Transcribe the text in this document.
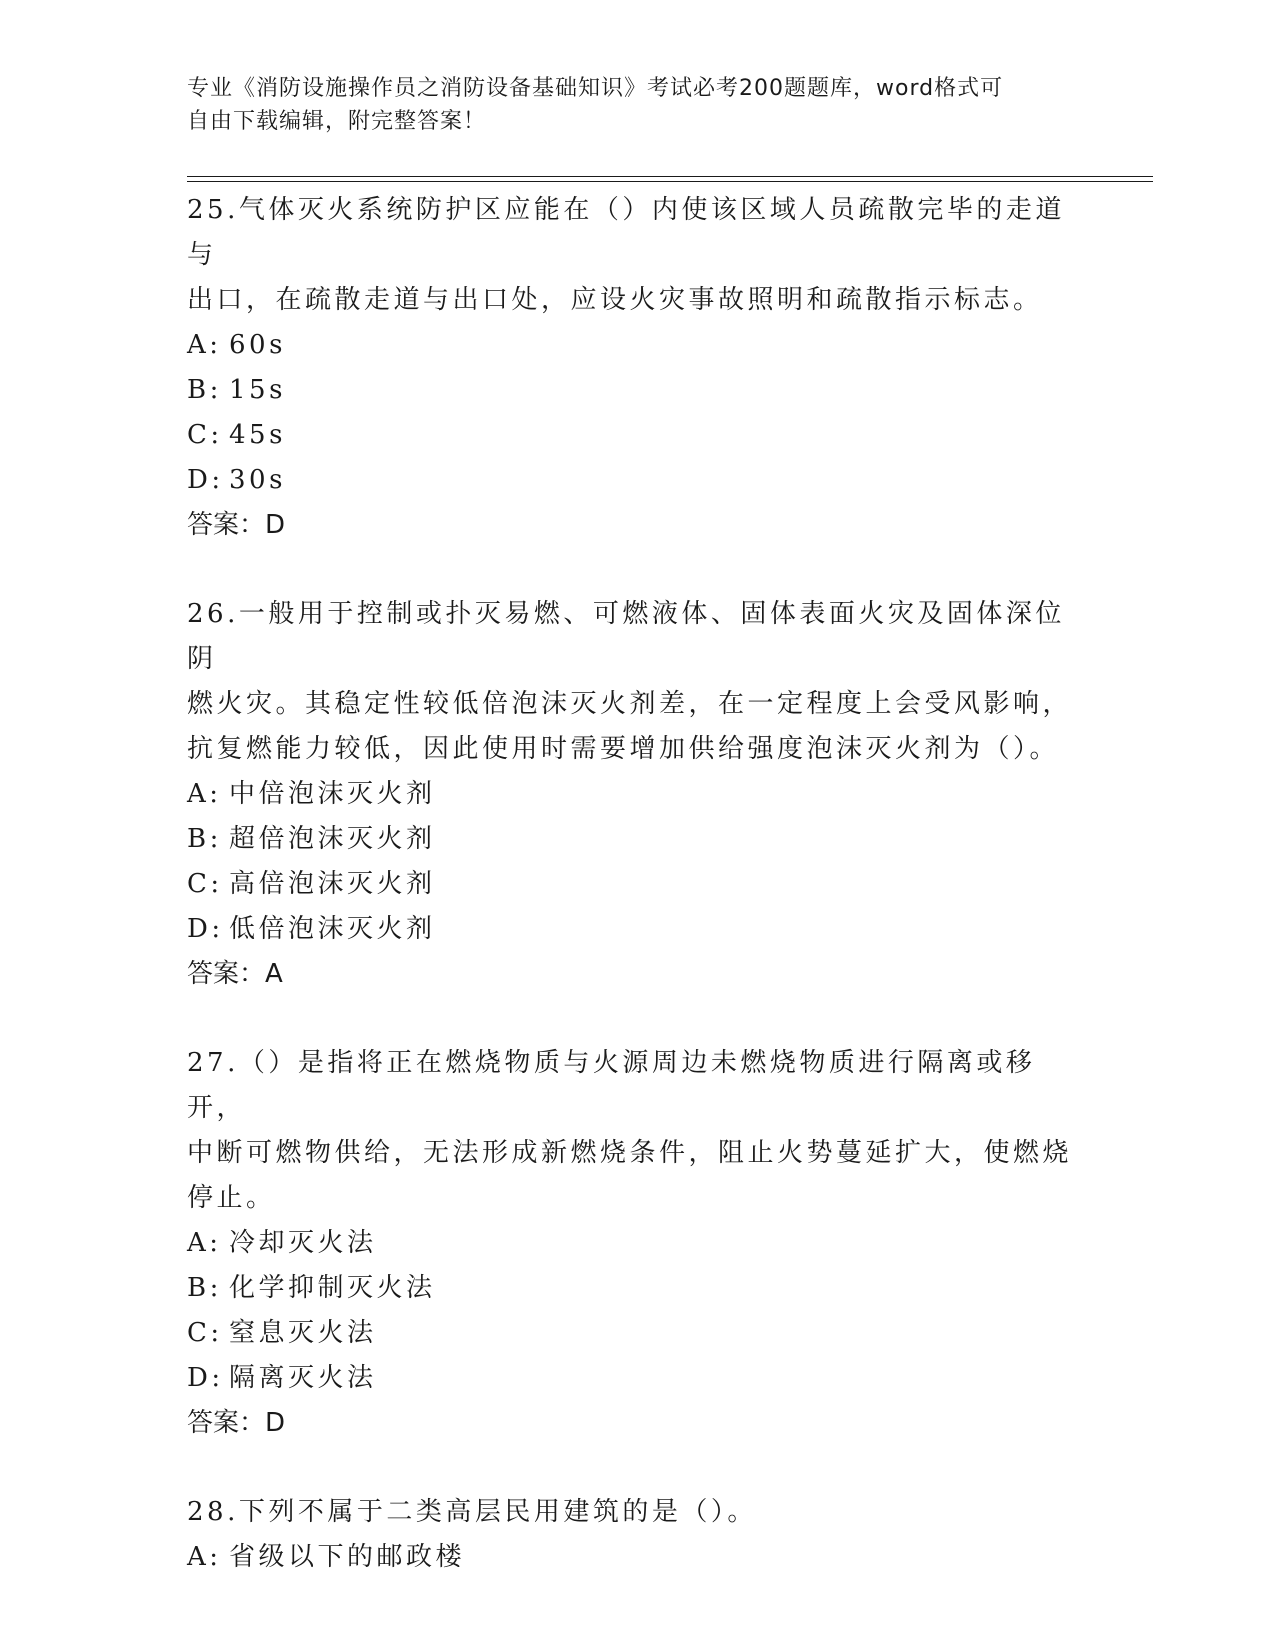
专业《消防设施操作员之消防设备基础知识》考试必考200题题库，word格式可
自由下载编辑，附完整答案！
25.气体灭火系统防护区应能在（）内使该区域人员疏散完毕的走道与
出口，在疏散走道与出口处，应设火灾事故照明和疏散指示标志。
A: 60s
B: 15s
C: 45s
D: 30s
答案：D
26.一般用于控制或扑灭易燃、可燃液体、固体表面火灾及固体深位阴
燃火灾。其稳定性较低倍泡沫灭火剂差，在一定程度上会受风影响，
抗复燃能力较低，因此使用时需要增加供给强度泡沫灭火剂为（）。
A: 中倍泡沫灭火剂
B: 超倍泡沫灭火剂
C: 高倍泡沫灭火剂
D: 低倍泡沫灭火剂
答案：A
27.（）是指将正在燃烧物质与火源周边未燃烧物质进行隔离或移开，
中断可燃物供给，无法形成新燃烧条件，阻止火势蔓延扩大，使燃烧
停止。
A: 冷却灭火法
B: 化学抑制灭火法
C: 窒息灭火法
D: 隔离灭火法
答案：D
28.下列不属于二类高层民用建筑的是（）。
A: 省级以下的邮政楼
